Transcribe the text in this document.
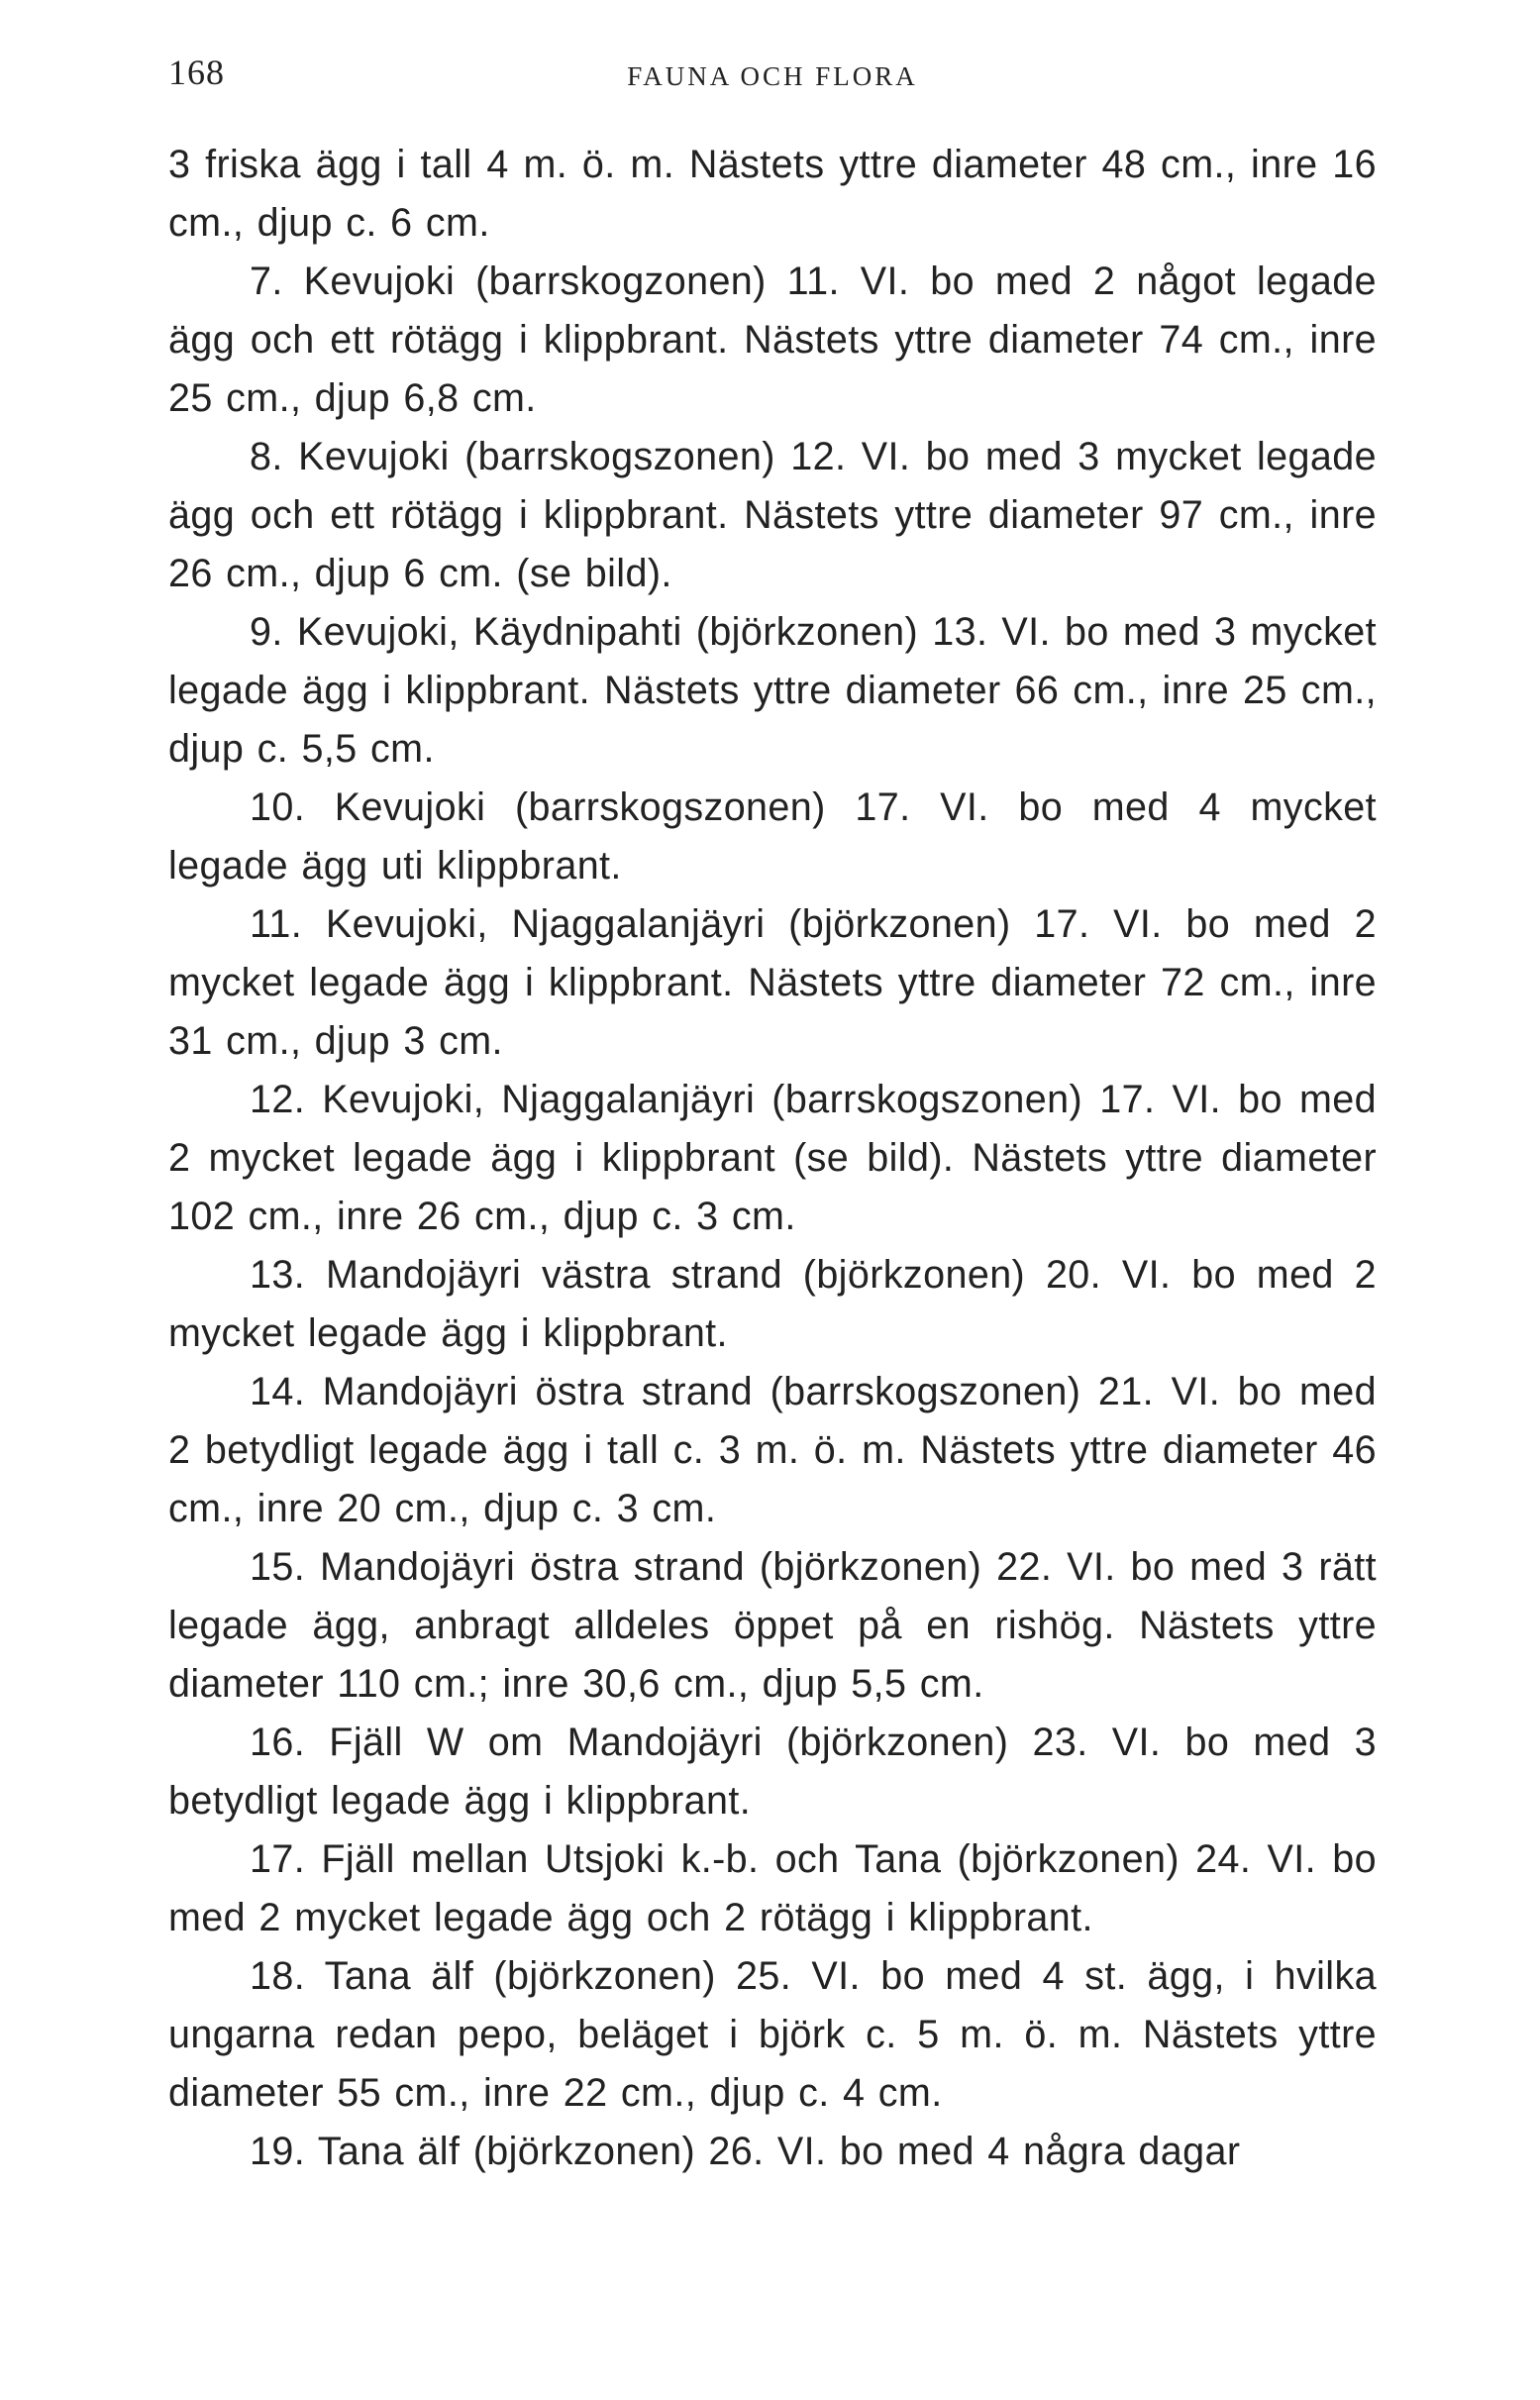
168	FAUNA OCH FLORA

3 friska ägg i tall 4 m. ö. m. Nästets yttre diameter 48 cm., inre 16 cm., djup c. 6 cm.

7. Kevujoki (barrskogzonen) 11. VI. bo med 2 något legade ägg och ett rötägg i klippbrant. Nästets yttre diameter 74 cm., inre 25 cm., djup 6,8 cm.

8. Kevujoki (barrskogszonen) 12. VI. bo med 3 mycket legade ägg och ett rötägg i klippbrant. Nästets yttre diameter 97 cm., inre 26 cm., djup 6 cm. (se bild).

9. Kevujoki, Käydnipahti (björkzonen) 13. VI. bo med 3 mycket legade ägg i klippbrant. Nästets yttre diameter 66 cm., inre 25 cm., djup c. 5,5 cm.

10. Kevujoki (barrskogszonen) 17. VI. bo med 4 mycket legade ägg uti klippbrant.

11. Kevujoki, Njaggalanjäyri (björkzonen) 17. VI. bo med 2 mycket legade ägg i klippbrant. Nästets yttre diameter 72 cm., inre 31 cm., djup 3 cm.

12. Kevujoki, Njaggalanjäyri (barrskogszonen) 17. VI. bo med 2 mycket legade ägg i klippbrant (se bild). Nästets yttre diameter 102 cm., inre 26 cm., djup c. 3 cm.

13. Mandojäyri västra strand (björkzonen) 20. VI. bo med 2 mycket legade ägg i klippbrant.

14. Mandojäyri östra strand (barrskogszonen) 21. VI. bo med 2 betydligt legade ägg i tall c. 3 m. ö. m. Nästets yttre diameter 46 cm., inre 20 cm., djup c. 3 cm.

15. Mandojäyri östra strand (björkzonen) 22. VI. bo med 3 rätt legade ägg, anbragt alldeles öppet på en rishög. Nästets yttre diameter 110 cm.; inre 30,6 cm., djup 5,5 cm.

16. Fjäll W om Mandojäyri (björkzonen) 23. VI. bo med 3 betydligt legade ägg i klippbrant.

17. Fjäll mellan Utsjoki k.-b. och Tana (björkzonen) 24. VI. bo med 2 mycket legade ägg och 2 rötägg i klippbrant.

18. Tana älf (björkzonen) 25. VI. bo med 4 st. ägg, i hvilka ungarna redan pepo, beläget i björk c. 5 m. ö. m. Nästets yttre diameter 55 cm., inre 22 cm., djup c. 4 cm.

19. Tana älf (björkzonen) 26. VI. bo med 4 några dagar
